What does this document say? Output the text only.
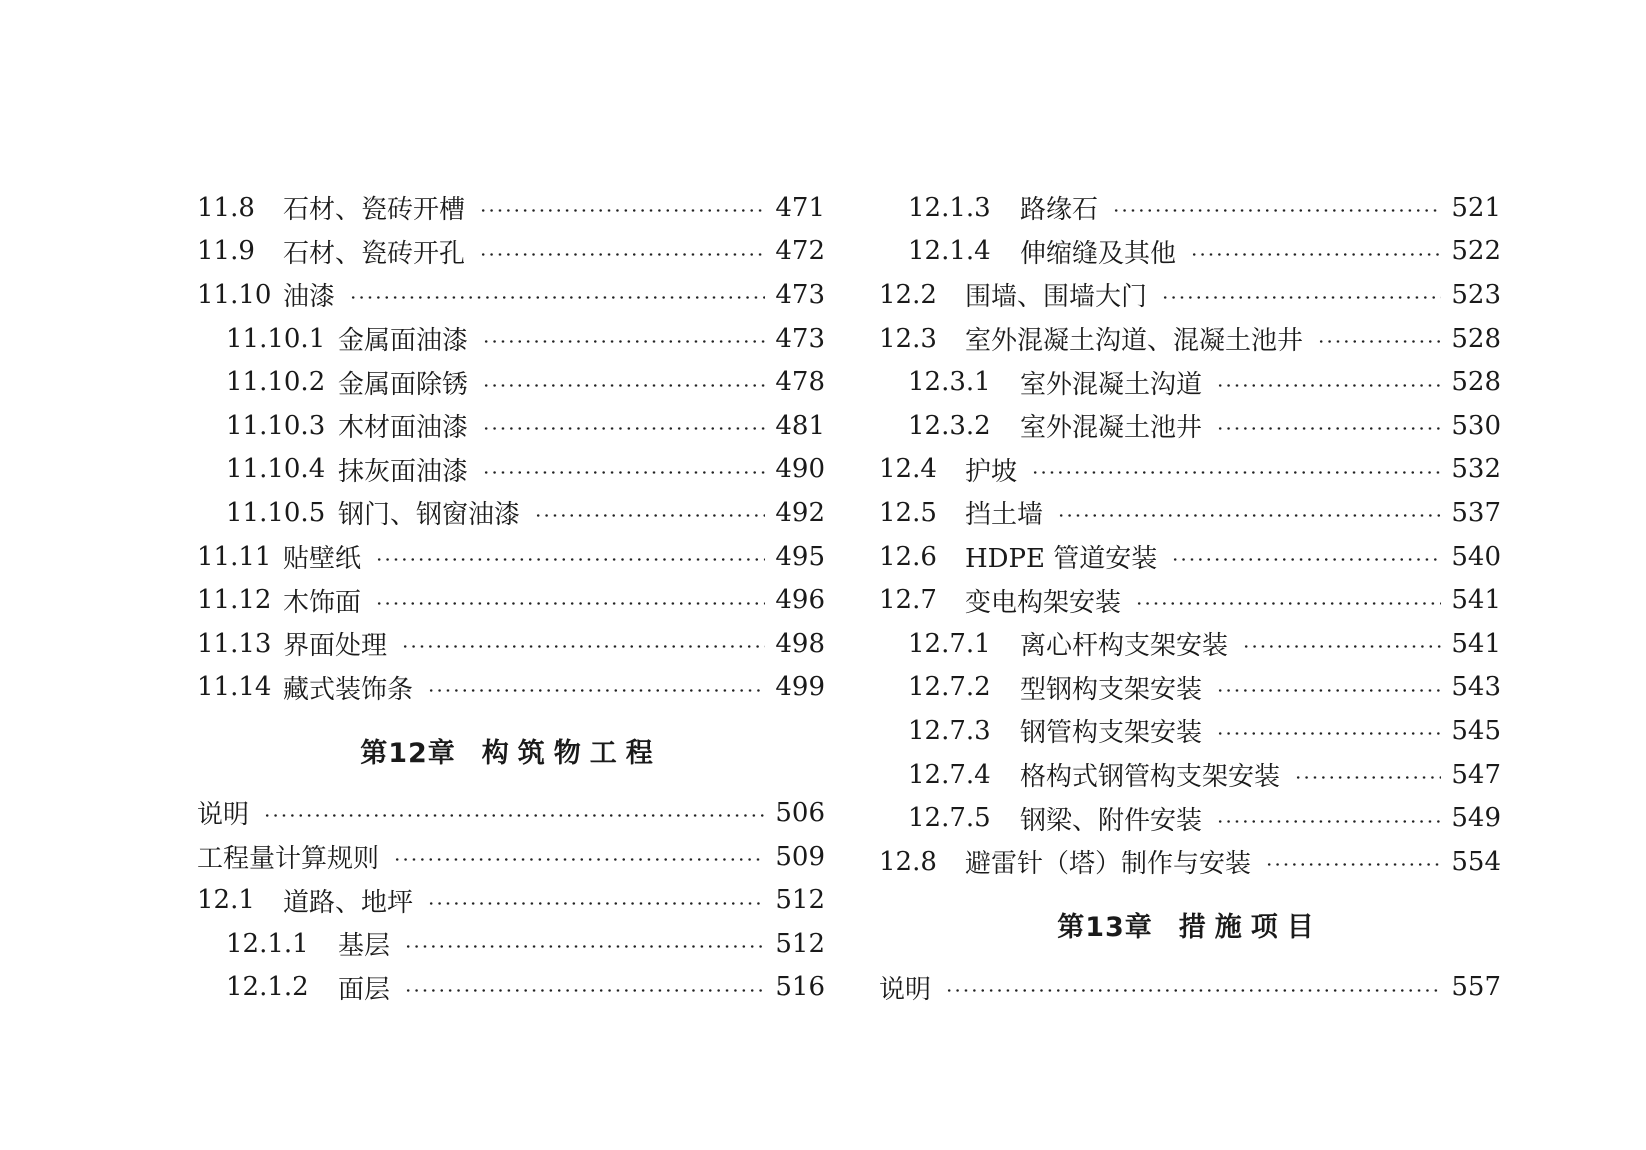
11.8	石材、瓷砖开槽	471
11.9	石材、瓷砖开孔	472
11.10 油漆	473
11.10.1 金属面油漆	473
11.10.2 金属面除锈	478
11.10.3 木材面油漆	481
11.10.4 抹灰面油漆	490
11.10.5 钢门、钢窗油漆	492
11.11 贴壁纸	495
11.12 木饰面	496
11.13 界面处理	498
11.14 藏式装饰条	499
第12章 构筑物工程
说明	506
工程量计算规则	509
12.1	道路、地坪	512
12.1.1	基层	512
12.1.2	面层	516
12.1.3	路缘石	521
12.1.4	伸缩缝及其他	522
12.2	围墙、围墙大门	523
12.3	室外混凝土沟道、混凝土池井	528
12.3.1	室外混凝土沟道	528
12.3.2	室外混凝土池井	530
12.4	护坡	532
12.5	挡土墙	537
12.6	HDPE 管道安装	540
12.7	变电构架安装	541
12.7.1	离心杆构支架安装	541
12.7.2	型钢构支架安装	543
12.7.3	钢管构支架安装	545
12.7.4	格构式钢管构支架安装	547
12.7.5	钢梁、附件安装	549
12.8	避雷针（塔）制作与安装	554
第13章 措施项目
说明	557
